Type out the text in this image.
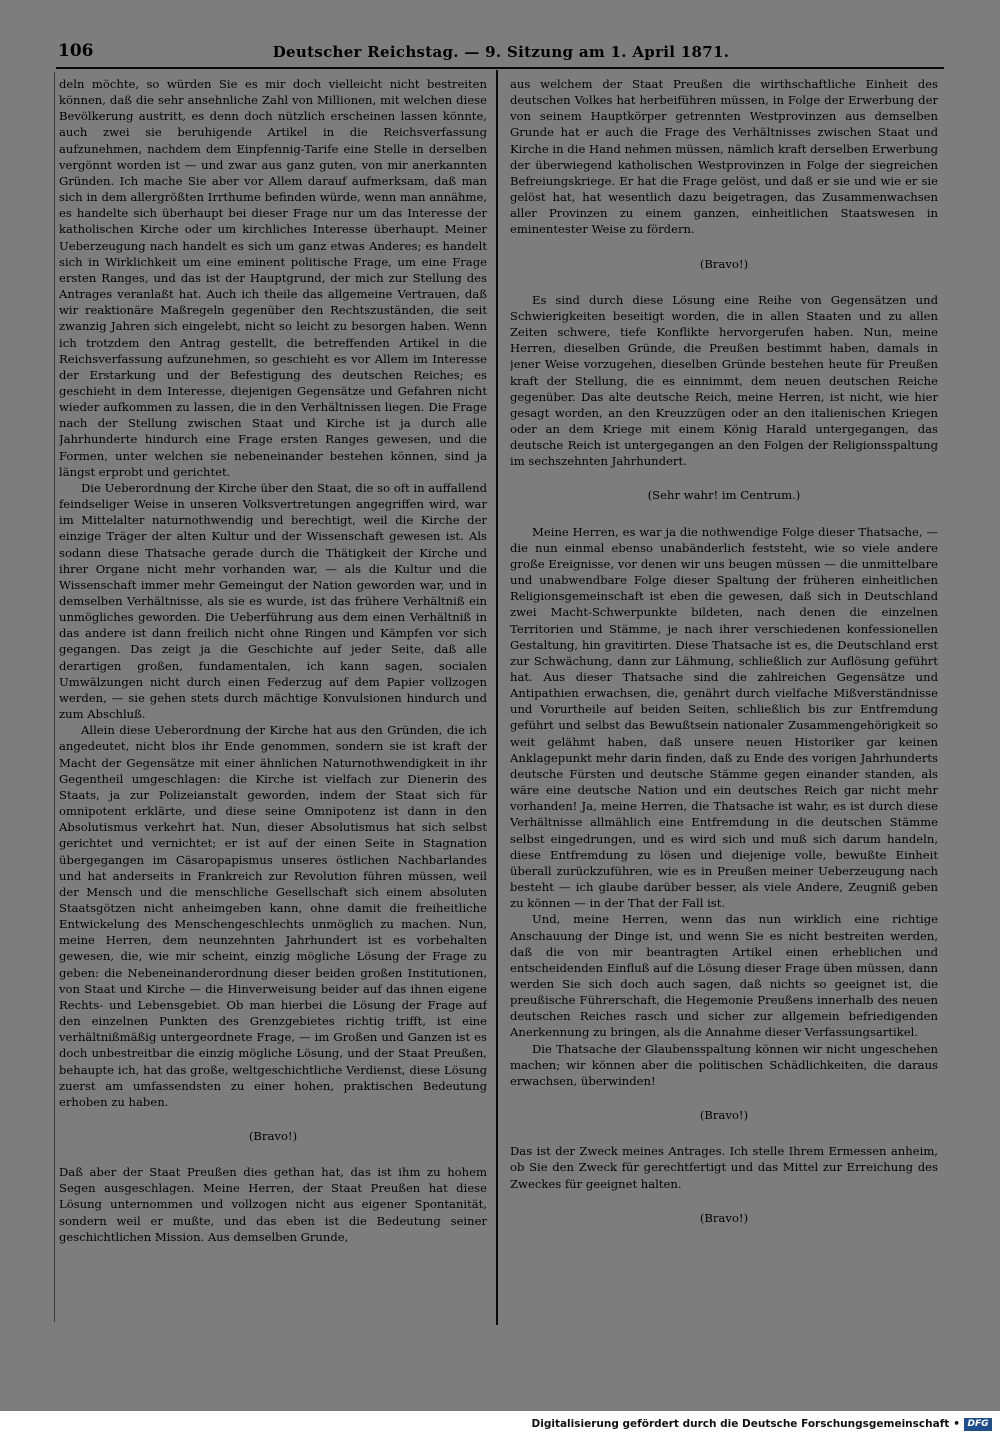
106	Deutscher Reichstag. — 9. Sitzung am 1. April 1871.

deln möchte, so würden Sie es mir doch vielleicht nicht bestreiten können, daß die sehr ansehnliche Zahl von Millionen, mit welchen diese Bevölkerung austritt, es denn doch nützlich erscheinen lassen könnte, auch zwei sie beruhigende Artikel in die Reichsverfassung aufzunehmen, nachdem dem Einpfennig-Tarife eine Stelle in derselben vergönnt worden ist — und zwar aus ganz guten, von mir anerkannten Gründen. Ich mache Sie aber vor Allem darauf aufmerksam, daß man sich in dem allergrößten Irrthume befinden würde, wenn man annähme, es handelte sich überhaupt bei dieser Frage nur um das Interesse der katholischen Kirche oder um kirchliches Interesse überhaupt. Meiner Ueberzeugung nach handelt es sich um ganz etwas Anderes; es handelt sich in Wirklichkeit um eine eminent politische Frage, um eine Frage ersten Ranges, und das ist der Hauptgrund, der mich zur Stellung des Antrages veranlaßt hat. Auch ich theile das allgemeine Vertrauen, daß wir reaktionäre Maßregeln gegenüber den Rechtszuständen, die seit zwanzig Jahren sich eingelebt, nicht so leicht zu besorgen haben. Wenn ich trotzdem den Antrag gestellt, die betreffenden Artikel in die Reichsverfassung aufzunehmen, so geschieht es vor Allem im Interesse der Erstarkung und der Befestigung des deutschen Reiches; es geschieht in dem Interesse, diejenigen Gegensätze und Gefahren nicht wieder aufkommen zu lassen, die in den Verhältnissen liegen. Die Frage nach der Stellung zwischen Staat und Kirche ist ja durch alle Jahrhunderte hindurch eine Frage ersten Ranges gewesen, und die Formen, unter welchen sie nebeneinander bestehen können, sind ja längst erprobt und gerichtet.

Die Ueberordnung der Kirche über den Staat, die so oft in auffallend feindseliger Weise in unseren Volksvertretungen angegriffen wird, war im Mittelalter naturnothwendig und berechtigt, weil die Kirche der einzige Träger der alten Kultur und der Wissenschaft gewesen ist. Als sodann diese Thatsache gerade durch die Thätigkeit der Kirche und ihrer Organe nicht mehr vorhanden war, — als die Kultur und die Wissenschaft immer mehr Gemeingut der Nation geworden war, und in demselben Verhältnisse, als sie es wurde, ist das frühere Verhältniß ein unmögliches geworden. Die Ueberführung aus dem einen Verhältniß in das andere ist dann freilich nicht ohne Ringen und Kämpfen vor sich gegangen. Das zeigt ja die Geschichte auf jeder Seite, daß alle derartigen großen, fundamentalen, ich kann sagen, socialen Umwälzungen nicht durch einen Federzug auf dem Papier vollzogen werden, — sie gehen stets durch mächtige Konvulsionen hindurch und zum Abschluß.

Allein diese Ueberordnung der Kirche hat aus den Gründen, die ich angedeutet, nicht blos ihr Ende genommen, sondern sie ist kraft der Macht der Gegensätze mit einer ähnlichen Naturnothwendigkeit in ihr Gegentheil umgeschlagen: die Kirche ist vielfach zur Dienerin des Staats, ja zur Polizeianstalt geworden, indem der Staat sich für omnipotent erklärte, und diese seine Omnipotenz ist dann in den Absolutismus verkehrt hat. Nun, dieser Absolutismus hat sich selbst gerichtet und vernichtet; er ist auf der einen Seite in Stagnation übergegangen im Cäsaropapismus unseres östlichen Nachbarlandes und hat anderseits in Frankreich zur Revolution führen müssen, weil der Mensch und die menschliche Gesellschaft sich einem absoluten Staatsgötzen nicht anheimgeben kann, ohne damit die freiheitliche Entwickelung des Menschengeschlechts unmöglich zu machen. Nun, meine Herren, dem neunzehnten Jahrhundert ist es vorbehalten gewesen, die, wie mir scheint, einzig mögliche Lösung der Frage zu geben: die Nebeneinanderordnung dieser beiden großen Institutionen, von Staat und Kirche — die Hinverweisung beider auf das ihnen eigene Rechts- und Lebensgebiet. Ob man hierbei die Lösung der Frage auf den einzelnen Punkten des Grenzgebietes richtig trifft, ist eine verhältnißmäßig untergeordnete Frage, — im Großen und Ganzen ist es doch unbestreitbar die einzig mögliche Lösung, und der Staat Preußen, behaupte ich, hat das große, weltgeschichtliche Verdienst, diese Lösung zuerst am umfassendsten zu einer hohen, praktischen Bedeutung erhoben zu haben.

(Bravo!)

Daß aber der Staat Preußen dies gethan hat, das ist ihm zu hohem Segen ausgeschlagen. Meine Herren, der Staat Preußen hat diese Lösung unternommen und vollzogen nicht aus eigener Spontanität, sondern weil er mußte, und das eben ist die Bedeutung seiner geschichtlichen Mission. Aus demselben Grunde,

aus welchem der Staat Preußen die wirthschaftliche Einheit des deutschen Volkes hat herbeiführen müssen, in Folge der Erwerbung der von seinem Hauptkörper getrennten Westprovinzen aus demselben Grunde hat er auch die Frage des Verhältnisses zwischen Staat und Kirche in die Hand nehmen müssen, nämlich kraft derselben Erwerbung der überwiegend katholischen Westprovinzen in Folge der siegreichen Befreiungskriege. Er hat die Frage gelöst, und daß er sie und wie er sie gelöst hat, hat wesentlich dazu beigetragen, das Zusammenwachsen aller Provinzen zu einem ganzen, einheitlichen Staatswesen in eminentester Weise zu fördern.

(Bravo!)

Es sind durch diese Lösung eine Reihe von Gegensätzen und Schwierigkeiten beseitigt worden, die in allen Staaten und zu allen Zeiten schwere, tiefe Konflikte hervorgerufen haben. Nun, meine Herren, dieselben Gründe, die Preußen bestimmt haben, damals in jener Weise vorzugehen, dieselben Gründe bestehen heute für Preußen kraft der Stellung, die es einnimmt, dem neuen deutschen Reiche gegenüber. Das alte deutsche Reich, meine Herren, ist nicht, wie hier gesagt worden, an den Kreuzzügen oder an den italienischen Kriegen oder an dem Kriege mit einem König Harald untergegangen, das deutsche Reich ist untergegangen an den Folgen der Religionsspaltung im sechszehnten Jahrhundert.

(Sehr wahr! im Centrum.)

Meine Herren, es war ja die nothwendige Folge dieser Thatsache, — die nun einmal ebenso unabänderlich feststeht, wie so viele andere große Ereignisse, vor denen wir uns beugen müssen — die unmittelbare und unabwendbare Folge dieser Spaltung der früheren einheitlichen Religionsgemeinschaft ist eben die gewesen, daß sich in Deutschland zwei Macht-Schwerpunkte bildeten, nach denen die einzelnen Territorien und Stämme, je nach ihrer verschiedenen konfessionellen Gestaltung, hin gravitirten. Diese Thatsache ist es, die Deutschland erst zur Schwächung, dann zur Lähmung, schließlich zur Auflösung geführt hat. Aus dieser Thatsache sind die zahlreichen Gegensätze und Antipathien erwachsen, die, genährt durch vielfache Mißverständnisse und Vorurtheile auf beiden Seiten, schließlich bis zur Entfremdung geführt und selbst das Bewußtsein nationaler Zusammengehörigkeit so weit gelähmt haben, daß unsere neuen Historiker gar keinen Anklagepunkt mehr darin finden, daß zu Ende des vorigen Jahrhunderts deutsche Fürsten und deutsche Stämme gegen einander standen, als wäre eine deutsche Nation und ein deutsches Reich gar nicht mehr vorhanden! Ja, meine Herren, die Thatsache ist wahr, es ist durch diese Verhältnisse allmählich eine Entfremdung in die deutschen Stämme selbst eingedrungen, und es wird sich und muß sich darum handeln, diese Entfremdung zu lösen und diejenige volle, bewußte Einheit überall zurückzuführen, wie es in Preußen meiner Ueberzeugung nach besteht — ich glaube darüber besser, als viele Andere, Zeugniß geben zu können — in der That der Fall ist.

Und, meine Herren, wenn das nun wirklich eine richtige Anschauung der Dinge ist, und wenn Sie es nicht bestreiten werden, daß die von mir beantragten Artikel einen erheblichen und entscheidenden Einfluß auf die Lösung dieser Frage üben müssen, dann werden Sie sich doch auch sagen, daß nichts so geeignet ist, die preußische Führerschaft, die Hegemonie Preußens innerhalb des neuen deutschen Reiches rasch und sicher zur allgemein befriedigenden Anerkennung zu bringen, als die Annahme dieser Verfassungsartikel.

Die Thatsache der Glaubensspaltung können wir nicht ungeschehen machen; wir können aber die politischen Schädlichkeiten, die daraus erwachsen, überwinden!

(Bravo!)

Das ist der Zweck meines Antrages. Ich stelle Ihrem Ermessen anheim, ob Sie den Zweck für gerechtfertigt und das Mittel zur Erreichung des Zweckes für geeignet halten.

(Bravo!)

Digitalisierung gefördert durch die Deutsche Forschungsgemeinschaft • DFG
